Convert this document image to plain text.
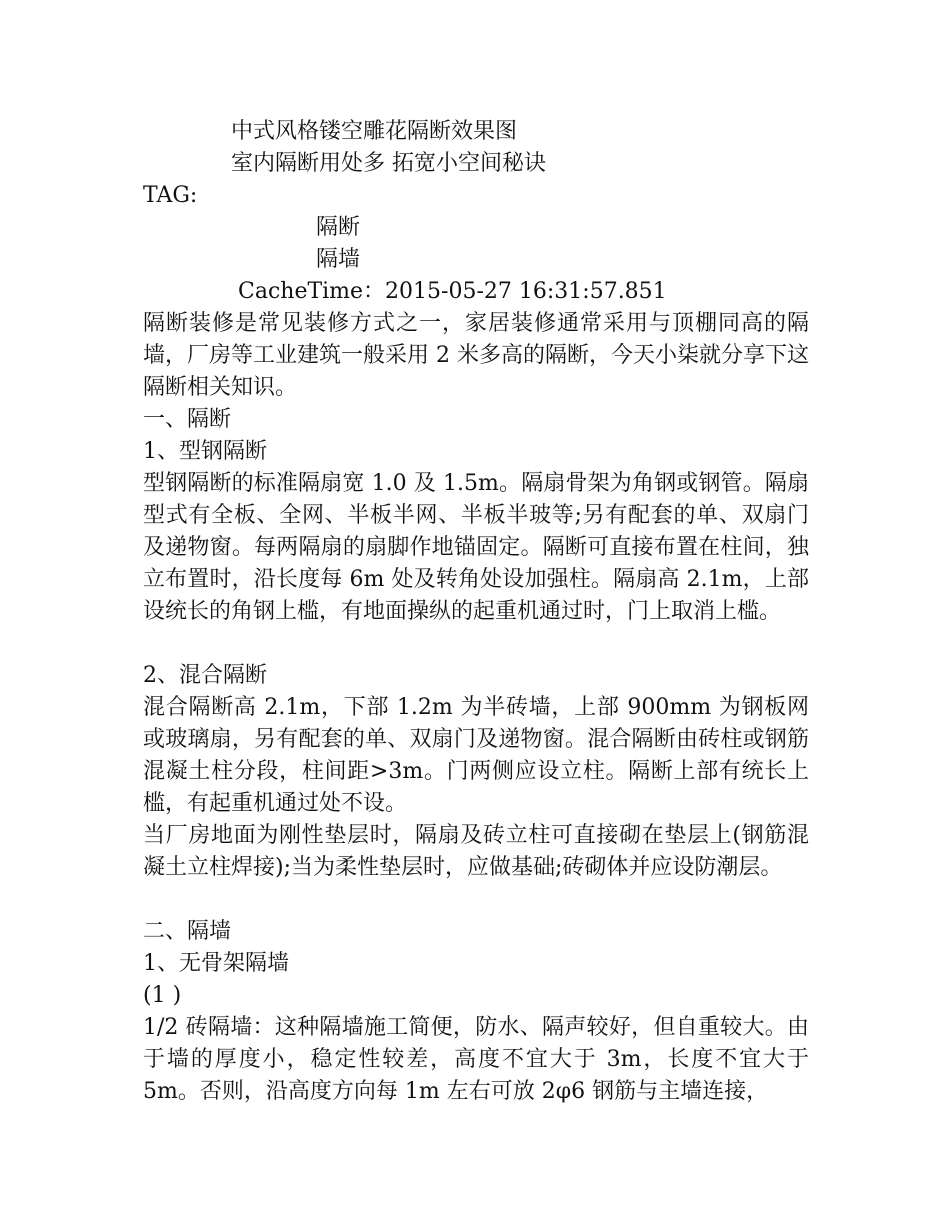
中式风格镂空雕花隔断效果图
室内隔断用处多 拓宽小空间秘诀
TAG:
隔断
隔墙
CacheTime：2015-05-27 16:31:57.851
隔断装修是常见装修方式之一，家居装修通常采用与顶棚同高的隔墙，厂房等工业建筑一般采用 2 米多高的隔断，今天小柒就分享下这隔断相关知识。
一、隔断
1、型钢隔断
型钢隔断的标准隔扇宽 1.0 及 1.5m。隔扇骨架为角钢或钢管。隔扇型式有全板、全网、半板半网、半板半玻等;另有配套的单、双扇门及递物窗。每两隔扇的扇脚作地锚固定。隔断可直接布置在柱间，独立布置时，沿长度每 6m 处及转角处设加强柱。隔扇高 2.1m，上部设统长的角钢上槛，有地面操纵的起重机通过时，门上取消上槛。
2、混合隔断
混合隔断高 2.1m，下部 1.2m 为半砖墙，上部 900mm 为钢板网或玻璃扇，另有配套的单、双扇门及递物窗。混合隔断由砖柱或钢筋混凝土柱分段，柱间距>3m。门两侧应设立柱。隔断上部有统长上槛，有起重机通过处不设。
当厂房地面为刚性垫层时，隔扇及砖立柱可直接砌在垫层上(钢筋混凝土立柱焊接);当为柔性垫层时，应做基础;砖砌体并应设防潮层。
二、隔墙
1、无骨架隔墙
(1 )
1/2 砖隔墙：这种隔墙施工简便，防水、隔声较好，但自重较大。由于墙的厚度小，稳定性较差，高度不宜大于 3m，长度不宜大于 5m。否则，沿高度方向每 1m 左右可放 2φ6 钢筋与主墙连接，
